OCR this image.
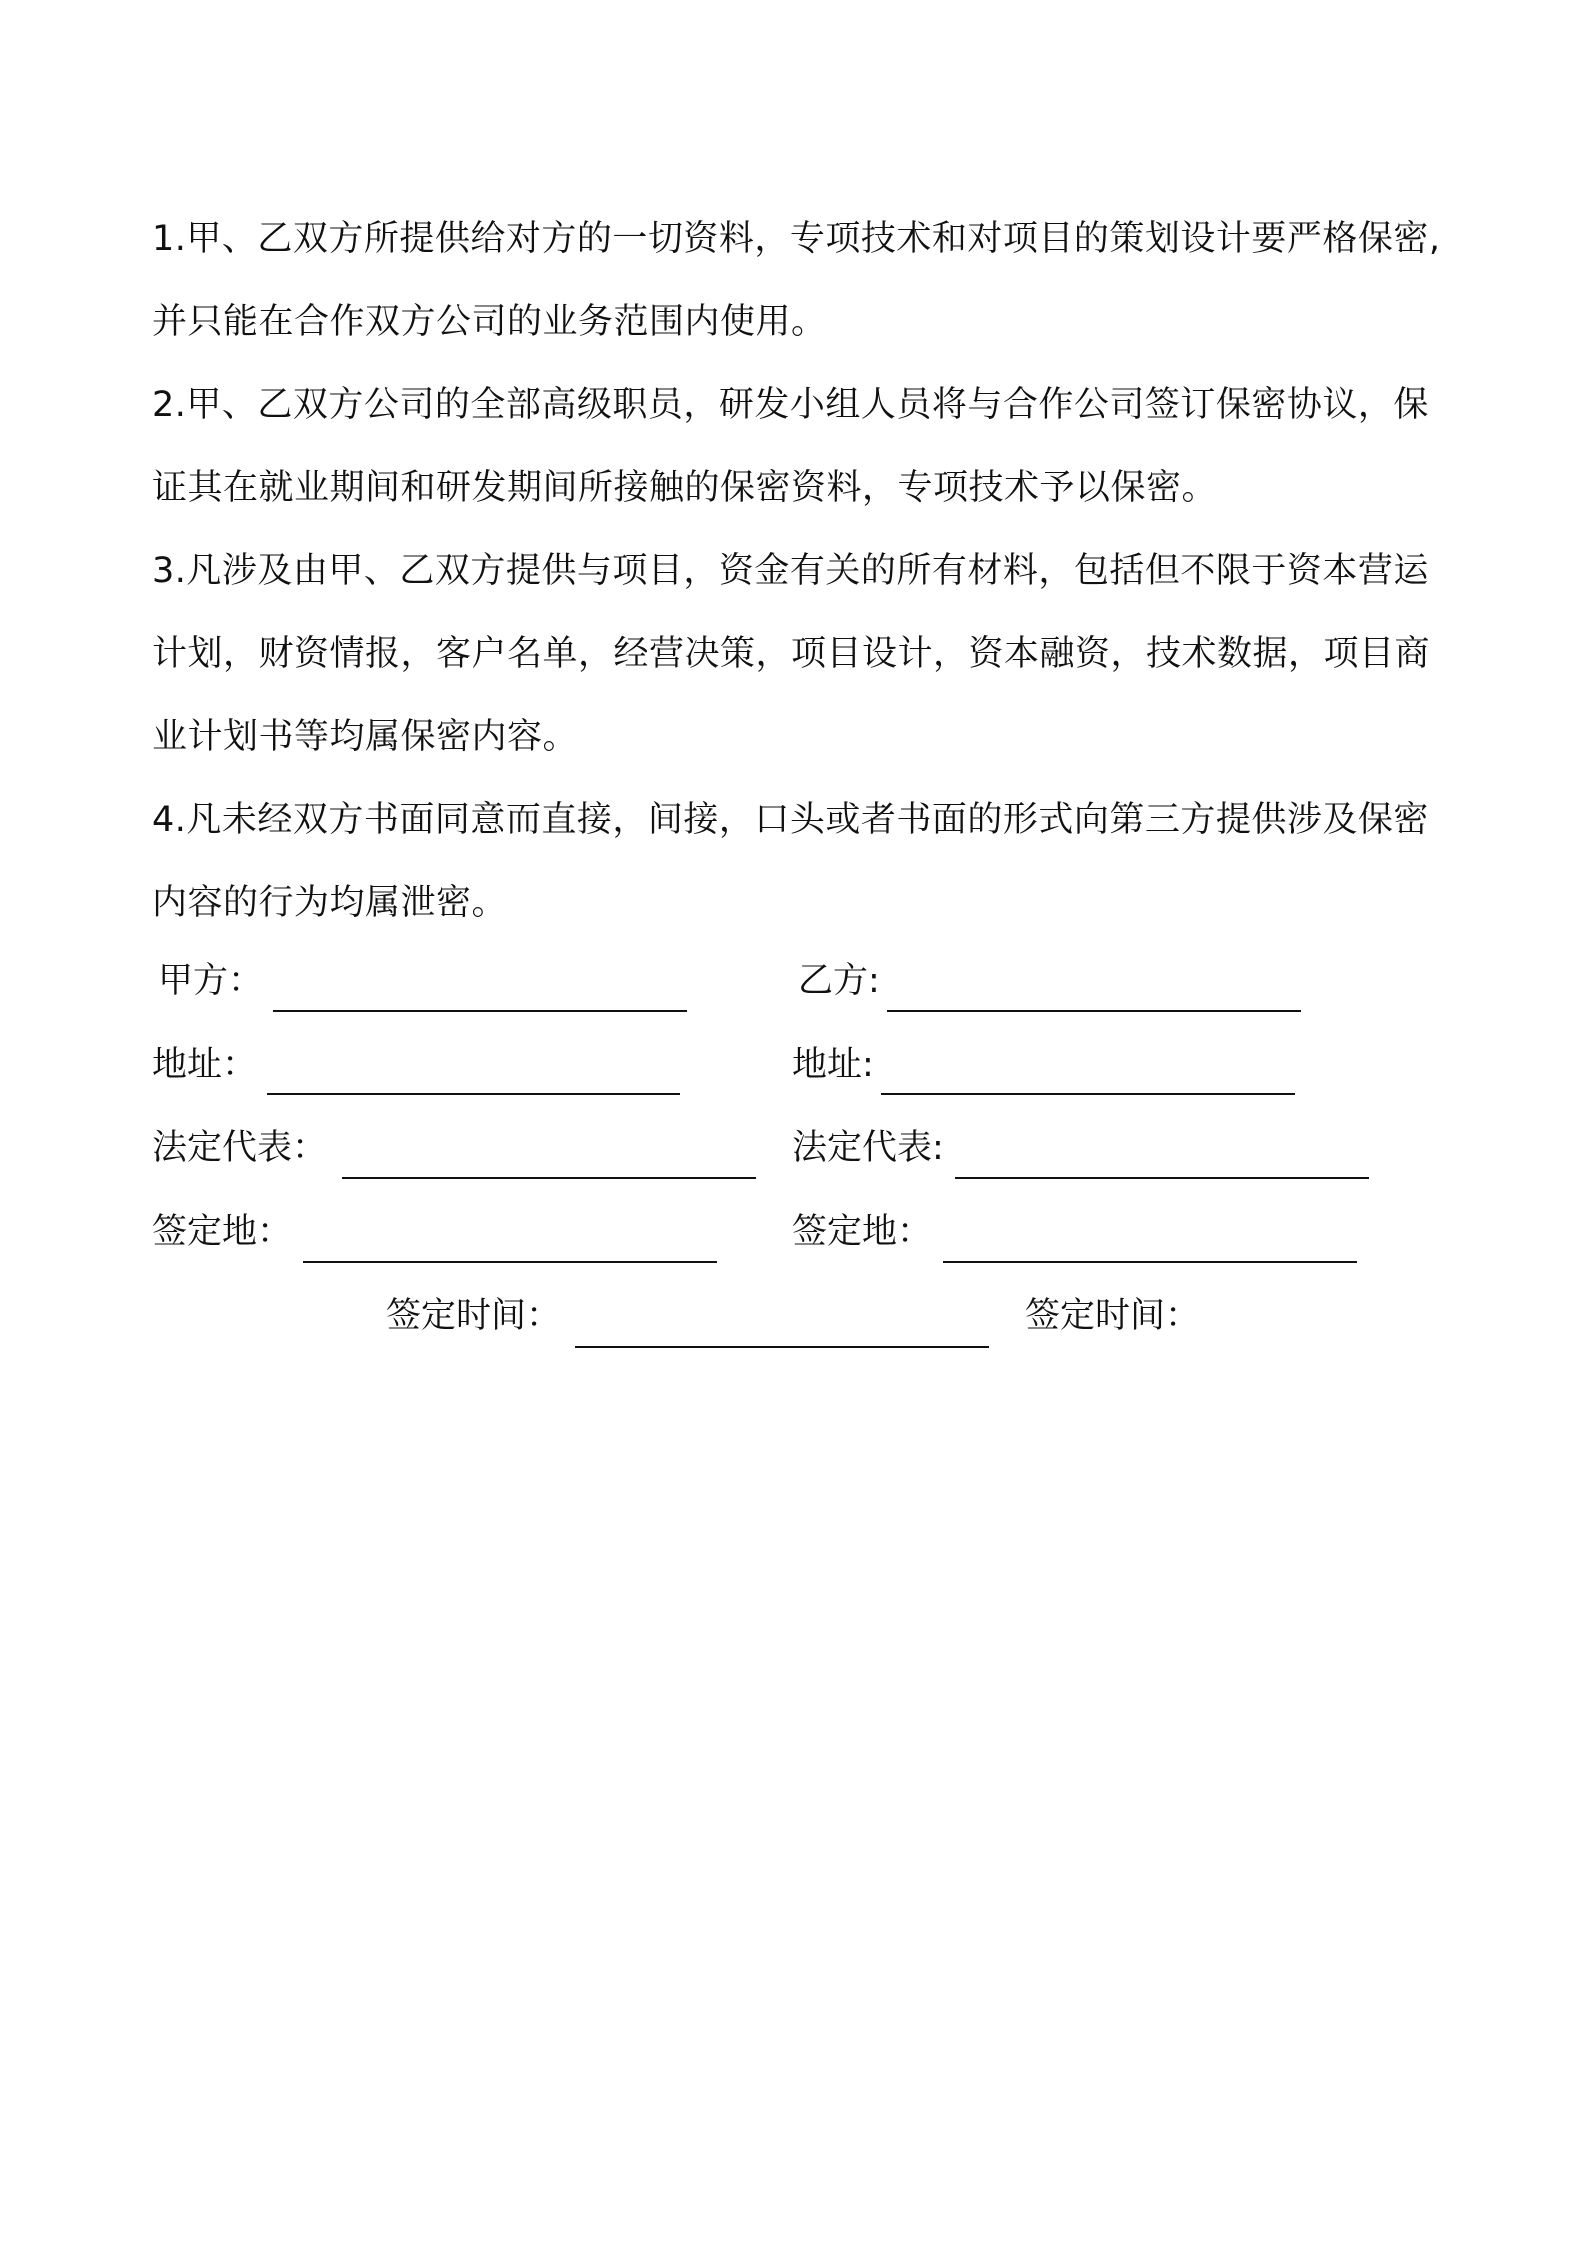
1.甲、乙双方所提供给对方的一切资料，专项技术和对项目的策划设计要严格保密,并只能在合作双方公司的业务范围内使用。

2.甲、乙双方公司的全部高级职员，研发小组人员将与合作公司签订保密协议，保证其在就业期间和研发期间所接触的保密资料，专项技术予以保密。

3.凡涉及由甲、乙双方提供与项目，资金有关的所有材料，包括但不限于资本营运计划，财资情报，客户名单，经营决策，项目设计，资本融资，技术数据，项目商业计划书等均属保密内容。

4.凡未经双方书面同意而直接，间接，口头或者书面的形式向第三方提供涉及保密内容的行为均属泄密。

甲方：	乙方:
地址：	地址:
法定代表：	法定代表:
签定地：	签定地：
签定时间：	签定时间：
